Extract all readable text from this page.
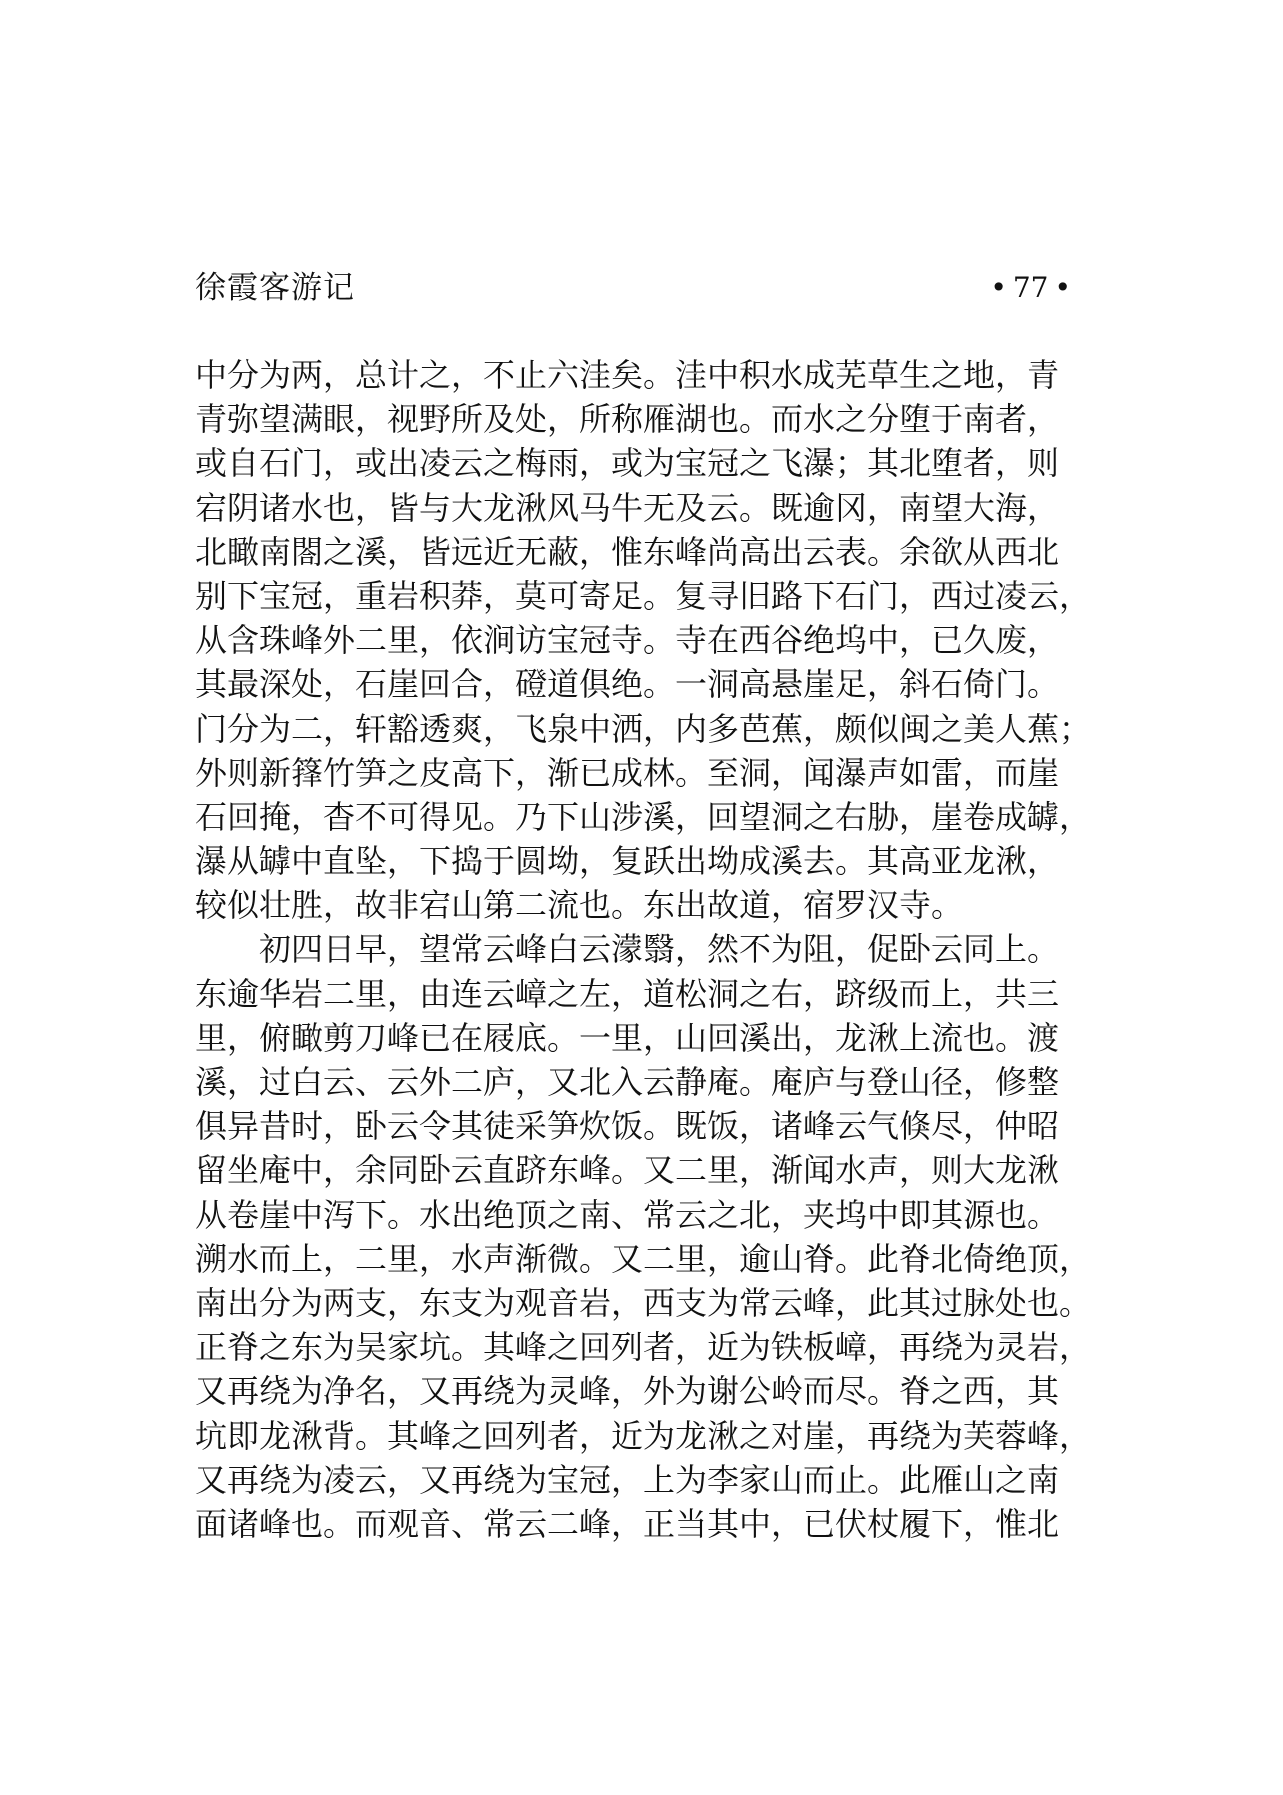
徐霞客游记	• 77 •
中分为两，总计之，不止六洼矣。洼中积水成芜草生之地，青
青弥望满眼，视野所及处，所称雁湖也。而水之分堕于南者，
或自石门，或出凌云之梅雨，或为宝冠之飞瀑；其北堕者，则
宕阴诸水也，皆与大龙湫风马牛无及云。既逾冈，南望大海，
北瞰南閤之溪，皆远近无蔽，惟东峰尚高出云表。余欲从西北
别下宝冠，重岩积莽，莫可寄足。复寻旧路下石门，西过凌云，
从含珠峰外二里，依涧访宝冠寺。寺在西谷绝坞中，已久废，
其最深处，石崖回合，磴道俱绝。一洞高悬崖足，斜石倚门。
门分为二，轩豁透爽，飞泉中洒，内多芭蕉，颇似闽之美人蕉；
外则新箨竹笋之皮高下，渐已成林。至洞，闻瀑声如雷，而崖
石回掩，杳不可得见。乃下山涉溪，回望洞之右胁，崖卷成罅，
瀑从罅中直坠，下捣于圆坳，复跃出坳成溪去。其高亚龙湫，
较似壮胜，故非宕山第二流也。东出故道，宿罗汉寺。
初四日早，望常云峰白云濛翳，然不为阻，促卧云同上。
东逾华岩二里，由连云嶂之左，道松洞之右，跻级而上，共三
里，俯瞰剪刀峰已在屐底。一里，山回溪出，龙湫上流也。渡
溪，过白云、云外二庐，又北入云静庵。庵庐与登山径，修整
俱异昔时，卧云令其徒采笋炊饭。既饭，诸峰云气倏尽，仲昭
留坐庵中，余同卧云直跻东峰。又二里，渐闻水声，则大龙湫
从卷崖中泻下。水出绝顶之南、常云之北，夹坞中即其源也。
溯水而上，二里，水声渐微。又二里，逾山脊。此脊北倚绝顶，
南出分为两支，东支为观音岩，西支为常云峰，此其过脉处也。
正脊之东为吴家坑。其峰之回列者，近为铁板嶂，再绕为灵岩，
又再绕为净名，又再绕为灵峰，外为谢公岭而尽。脊之西，其
坑即龙湫背。其峰之回列者，近为龙湫之对崖，再绕为芙蓉峰，
又再绕为凌云，又再绕为宝冠，上为李家山而止。此雁山之南
面诸峰也。而观音、常云二峰，正当其中，已伏杖履下，惟北
